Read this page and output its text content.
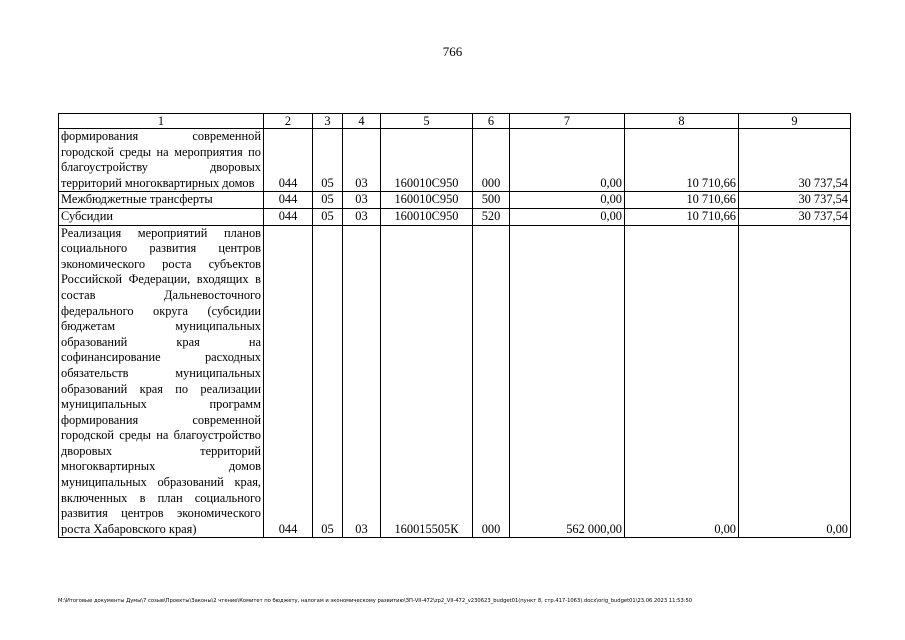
766
1	2	3	4	5	6	7	8	9
формирования современной городской среды на мероприятия по благоустройству дворовых территорий многоквартирных домов	044	05	03	160010С950	000	0,00	10 710,66	30 737,54
Межбюджетные трансферты	044	05	03	160010С950	500	0,00	10 710,66	30 737,54
Субсидии	044	05	03	160010С950	520	0,00	10 710,66	30 737,54
Реализация мероприятий планов социального развития центров экономического роста субъектов Российской Федерации, входящих в состав Дальневосточного федерального округа (субсидии бюджетам муниципальных образований края на софинансирование расходных обязательств муниципальных образований края по реализации муниципальных программ формирования современной городской среды на благоустройство дворовых территорий многоквартирных домов муниципальных образований края, включенных в план социального развития центров экономического роста Хабаровского края)	044	05	03	160015505К	000	562 000,00	0,00	0,00
M:\Итоговые документы Думы\7 созыв\Проекты\Законы\2 чтение\Комитет по бюджету, налогам и экономическому развитию\ЗП-VII-472\zp2_VII-472_v230623_budget01(пункт 8, стр.417-1063).docx\orig_budget01\23.06.2023 11:53:50
